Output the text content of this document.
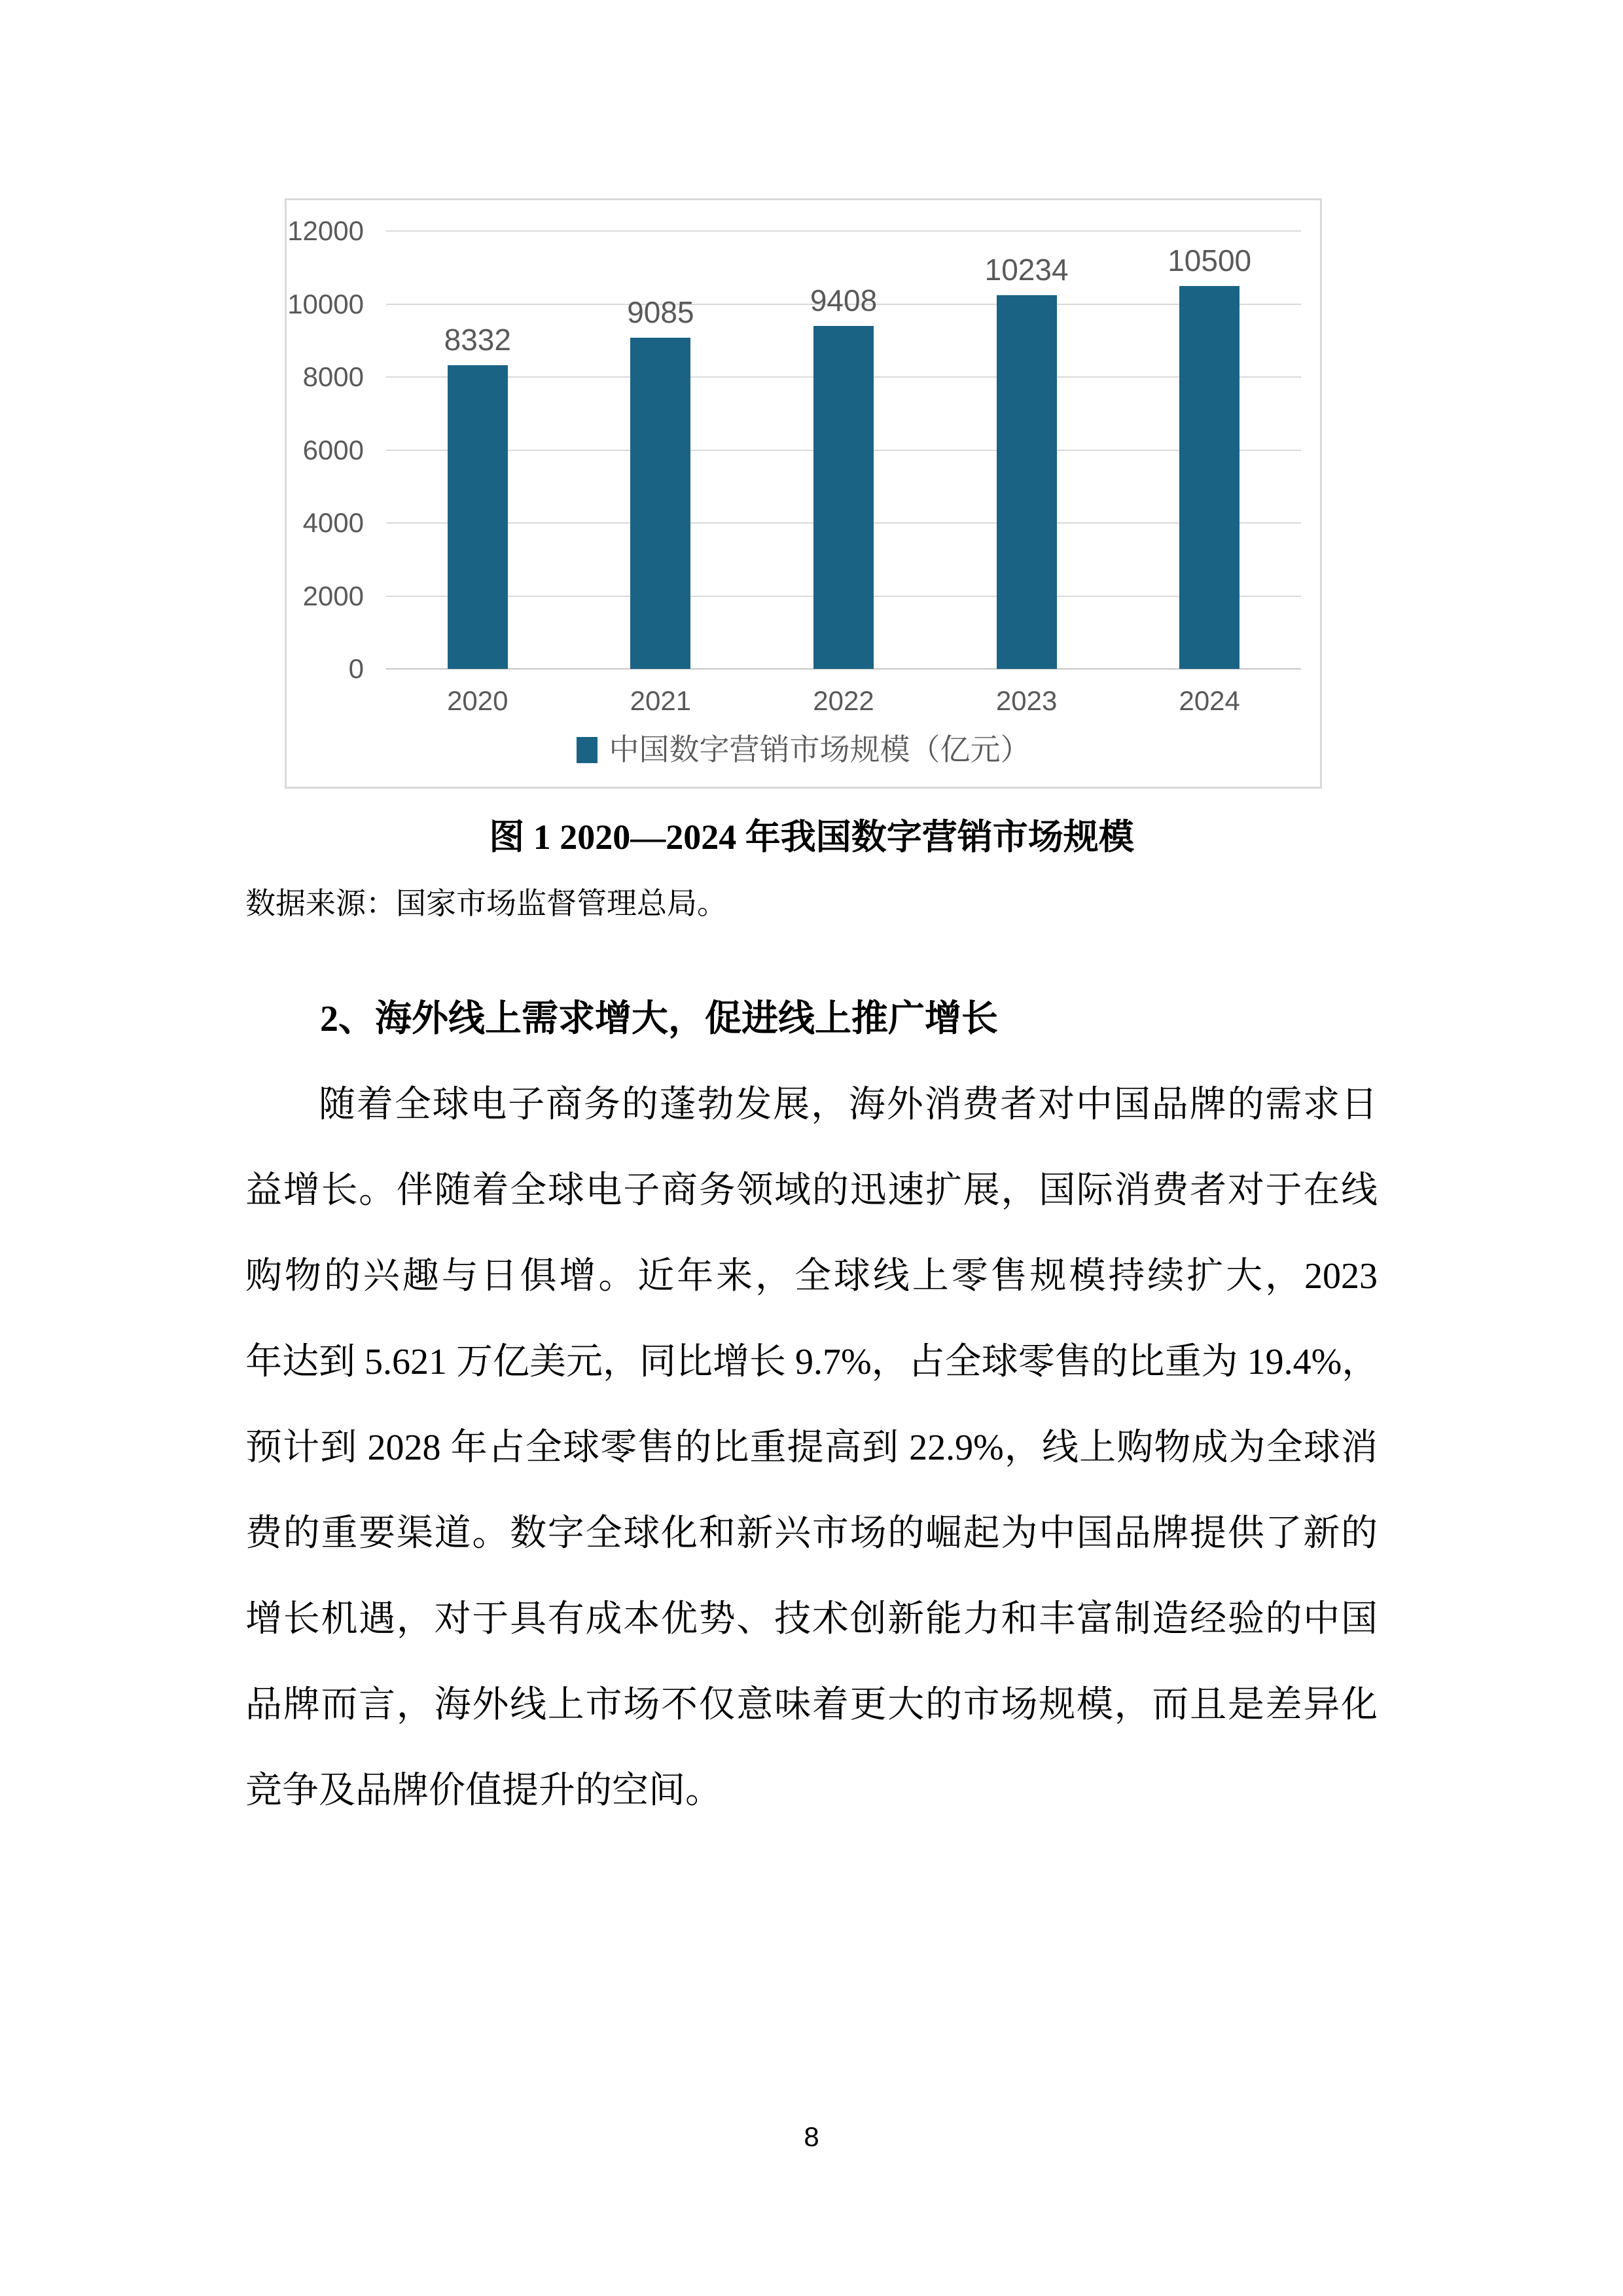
0
2000
4000
6000
8000
10000
12000
8332
2020
9085
2021
9408
2022
10234
2023
10500
2024
中国数字营销市场规模（亿元）
图 1 2020—2024 年我国数字营销市场规模
数据来源：国家市场监督管理总局。
2、海外线上需求增大，促进线上推广增长
随着全球电子商务的蓬勃发展，海外消费者对中国品牌的需求日
益增长。伴随着全球电子商务领域的迅速扩展，国际消费者对于在线
购物的兴趣与日俱增。近年来，全球线上零售规模持续扩大，2023
年达到 5.621 万亿美元，同比增长 9.7%，占全球零售的比重为 19.4%，
预计到 2028 年占全球零售的比重提高到 22.9%，线上购物成为全球消
费的重要渠道。数字全球化和新兴市场的崛起为中国品牌提供了新的
增长机遇，对于具有成本优势、技术创新能力和丰富制造经验的中国
品牌而言，海外线上市场不仅意味着更大的市场规模，而且是差异化
竞争及品牌价值提升的空间。
8
